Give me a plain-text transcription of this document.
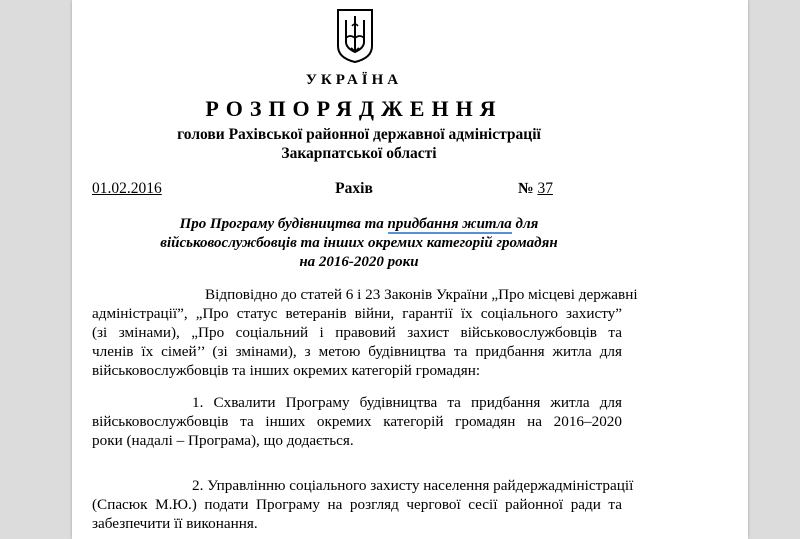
УКРАЇНА
РОЗПОРЯДЖЕННЯ
голови Рахівської районної державної адміністрації
Закарпатської області
01.02.2016	Рахів	№ 37
Про Програму будівництва та придбання житла для
військовослужбовців та інших окремих категорій громадян
на 2016-2020 роки
Відповідно до статей 6 і 23 Законів України „Про місцеві державні
адміністрації”, „Про статус ветеранів війни, гарантії їх соціального захисту”
(зі змінами), „Про соціальний і правовий захист військовослужбовців та
членів їх сімей’’ (зі змінами), з метою будівництва та придбання житла для
військовослужбовців та інших окремих категорій громадян:
1. Схвалити Програму будівництва та придбання житла для
військовослужбовців та інших окремих категорій громадян на 2016–2020
роки (надалі – Програма), що додається.
2. Управлінню соціального захисту населення райдержадміністрації
(Спасюк М.Ю.) подати Програму на розгляд чергової сесії районної ради та
забезпечити її виконання.
